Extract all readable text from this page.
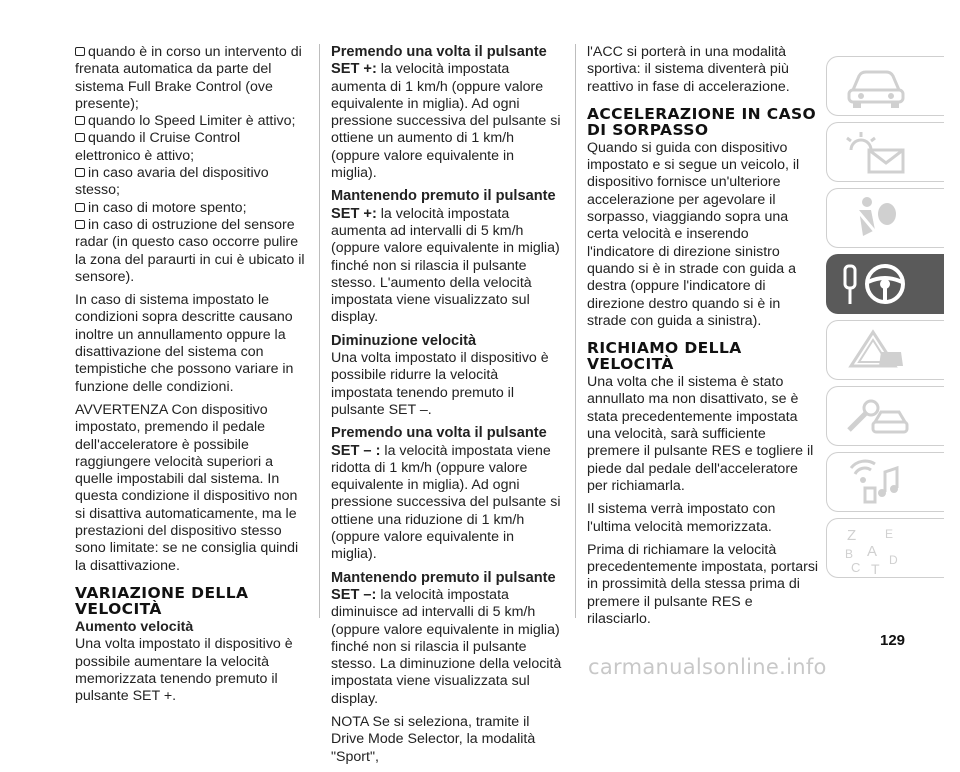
quando è in corso un intervento di frenata automatica da parte del sistema Full Brake Control (ove presente);

quando lo Speed Limiter è attivo;

quando il Cruise Control elettronico è attivo;

in caso avaria del dispositivo stesso;

in caso di motore spento;

in caso di ostruzione del sensore radar (in questo caso occorre pulire la zona del paraurti in cui è ubicato il sensore).

In caso di sistema impostato le condizioni sopra descritte causano inoltre un annullamento oppure la disattivazione del sistema con tempistiche che possono variare in funzione delle condizioni.

AVVERTENZA Con dispositivo impostato, premendo il pedale dell'acceleratore è possibile raggiungere velocità superiori a quelle impostabili dal sistema. In questa condizione il dispositivo non si disattiva automaticamente, ma le prestazioni del dispositivo stesso sono limitate: se ne consiglia quindi la disattivazione.

VARIAZIONE DELLA VELOCITÀ
Aumento velocità

Una volta impostato il dispositivo è possibile aumentare la velocità memorizzata tenendo premuto il pulsante SET +.

Premendo una volta il pulsante SET +: la velocità impostata aumenta di 1 km/h (oppure valore equivalente in miglia). Ad ogni pressione successiva del pulsante si ottiene un aumento di 1 km/h (oppure valore equivalente in miglia).

Mantenendo premuto il pulsante SET +: la velocità impostata aumenta ad intervalli di 5 km/h (oppure valore equivalente in miglia) finché non si rilascia il pulsante stesso. L'aumento della velocità impostata viene visualizzato sul display.

Diminuzione velocità

Una volta impostato il dispositivo è possibile ridurre la velocità impostata tenendo premuto il pulsante SET –.

Premendo una volta il pulsante SET – : la velocità impostata viene ridotta di 1 km/h (oppure valore equivalente in miglia). Ad ogni pressione successiva del pulsante si ottiene una riduzione di 1 km/h (oppure valore equivalente in miglia).

Mantenendo premuto il pulsante SET –: la velocità impostata diminuisce ad intervalli di 5 km/h (oppure valore equivalente in miglia) finché non si rilascia il pulsante stesso. La diminuzione della velocità impostata viene visualizzata sul display.

NOTA Se si seleziona, tramite il Drive Mode Selector, la modalità "Sport",

l'ACC si porterà in una modalità sportiva: il sistema diventerà più reattivo in fase di accelerazione.

ACCELERAZIONE IN CASO DI SORPASSO

Quando si guida con dispositivo impostato e si segue un veicolo, il dispositivo fornisce un'ulteriore accelerazione per agevolare il sorpasso, viaggiando sopra una certa velocità e inserendo l'indicatore di direzione sinistro quando si è in strade con guida a destra (oppure l'indicatore di direzione destro quando si è in strade con guida a sinistra).

RICHIAMO DELLA VELOCITÀ

Una volta che il sistema è stato annullato ma non disattivato, se è stata precedentemente impostata una velocità, sarà sufficiente premere il pulsante RES e togliere il piede dal pedale dell'acceleratore per richiamarla.

Il sistema verrà impostato con l'ultima velocità memorizzata.

Prima di richiamare la velocità precedentemente impostata, portarsi in prossimità della stessa prima di premere il pulsante RES e rilasciarlo.

Z E
B A
C D
T
129
carmanualsonline.info
